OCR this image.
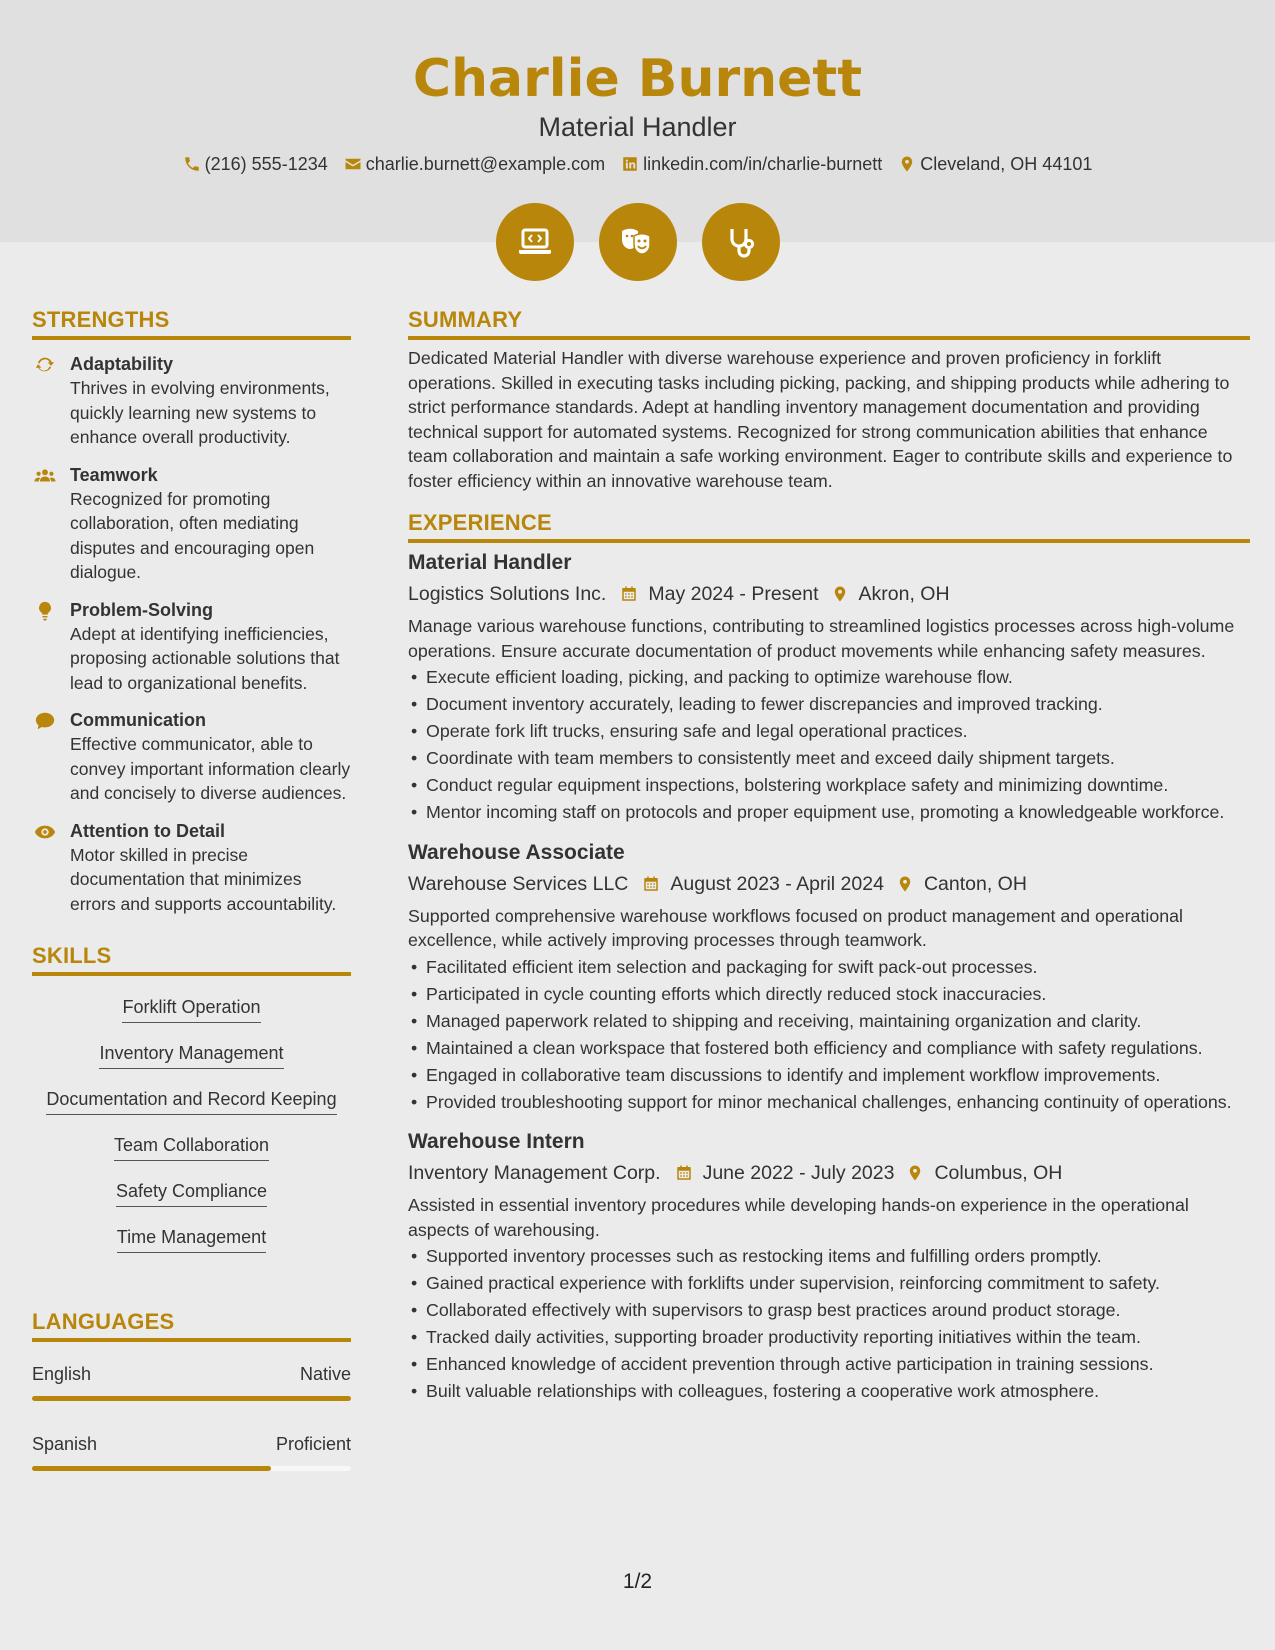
Charlie Burnett
Material Handler
(216) 555-1234 charlie.burnett@example.com linkedin.com/in/charlie-burnett Cleveland, OH 44101
STRENGTHS
Adaptability
Thrives in evolving environments, quickly learning new systems to enhance overall productivity.
Teamwork
Recognized for promoting collaboration, often mediating disputes and encouraging open dialogue.
Problem-Solving
Adept at identifying inefficiencies, proposing actionable solutions that lead to organizational benefits.
Communication
Effective communicator, able to convey important information clearly and concisely to diverse audiences.
Attention to Detail
Motor skilled in precise documentation that minimizes errors and supports accountability.
SKILLS
Forklift Operation
Inventory Management
Documentation and Record Keeping
Team Collaboration
Safety Compliance
Time Management
LANGUAGES
English	Native
Spanish	Proficient
SUMMARY
Dedicated Material Handler with diverse warehouse experience and proven proficiency in forklift operations. Skilled in executing tasks including picking, packing, and shipping products while adhering to strict performance standards. Adept at handling inventory management documentation and providing technical support for automated systems. Recognized for strong communication abilities that enhance team collaboration and maintain a safe working environment. Eager to contribute skills and experience to foster efficiency within an innovative warehouse team.
EXPERIENCE
Material Handler
Logistics Solutions Inc. May 2024 - Present Akron, OH
Manage various warehouse functions, contributing to streamlined logistics processes across high-volume operations. Ensure accurate documentation of product movements while enhancing safety measures.
• Execute efficient loading, picking, and packing to optimize warehouse flow.
• Document inventory accurately, leading to fewer discrepancies and improved tracking.
• Operate fork lift trucks, ensuring safe and legal operational practices.
• Coordinate with team members to consistently meet and exceed daily shipment targets.
• Conduct regular equipment inspections, bolstering workplace safety and minimizing downtime.
• Mentor incoming staff on protocols and proper equipment use, promoting a knowledgeable workforce.
Warehouse Associate
Warehouse Services LLC August 2023 - April 2024 Canton, OH
Supported comprehensive warehouse workflows focused on product management and operational excellence, while actively improving processes through teamwork.
• Facilitated efficient item selection and packaging for swift pack-out processes.
• Participated in cycle counting efforts which directly reduced stock inaccuracies.
• Managed paperwork related to shipping and receiving, maintaining organization and clarity.
• Maintained a clean workspace that fostered both efficiency and compliance with safety regulations.
• Engaged in collaborative team discussions to identify and implement workflow improvements.
• Provided troubleshooting support for minor mechanical challenges, enhancing continuity of operations.
Warehouse Intern
Inventory Management Corp. June 2022 - July 2023 Columbus, OH
Assisted in essential inventory procedures while developing hands-on experience in the operational aspects of warehousing.
• Supported inventory processes such as restocking items and fulfilling orders promptly.
• Gained practical experience with forklifts under supervision, reinforcing commitment to safety.
• Collaborated effectively with supervisors to grasp best practices around product storage.
• Tracked daily activities, supporting broader productivity reporting initiatives within the team.
• Enhanced knowledge of accident prevention through active participation in training sessions.
• Built valuable relationships with colleagues, fostering a cooperative work atmosphere.
1/2
